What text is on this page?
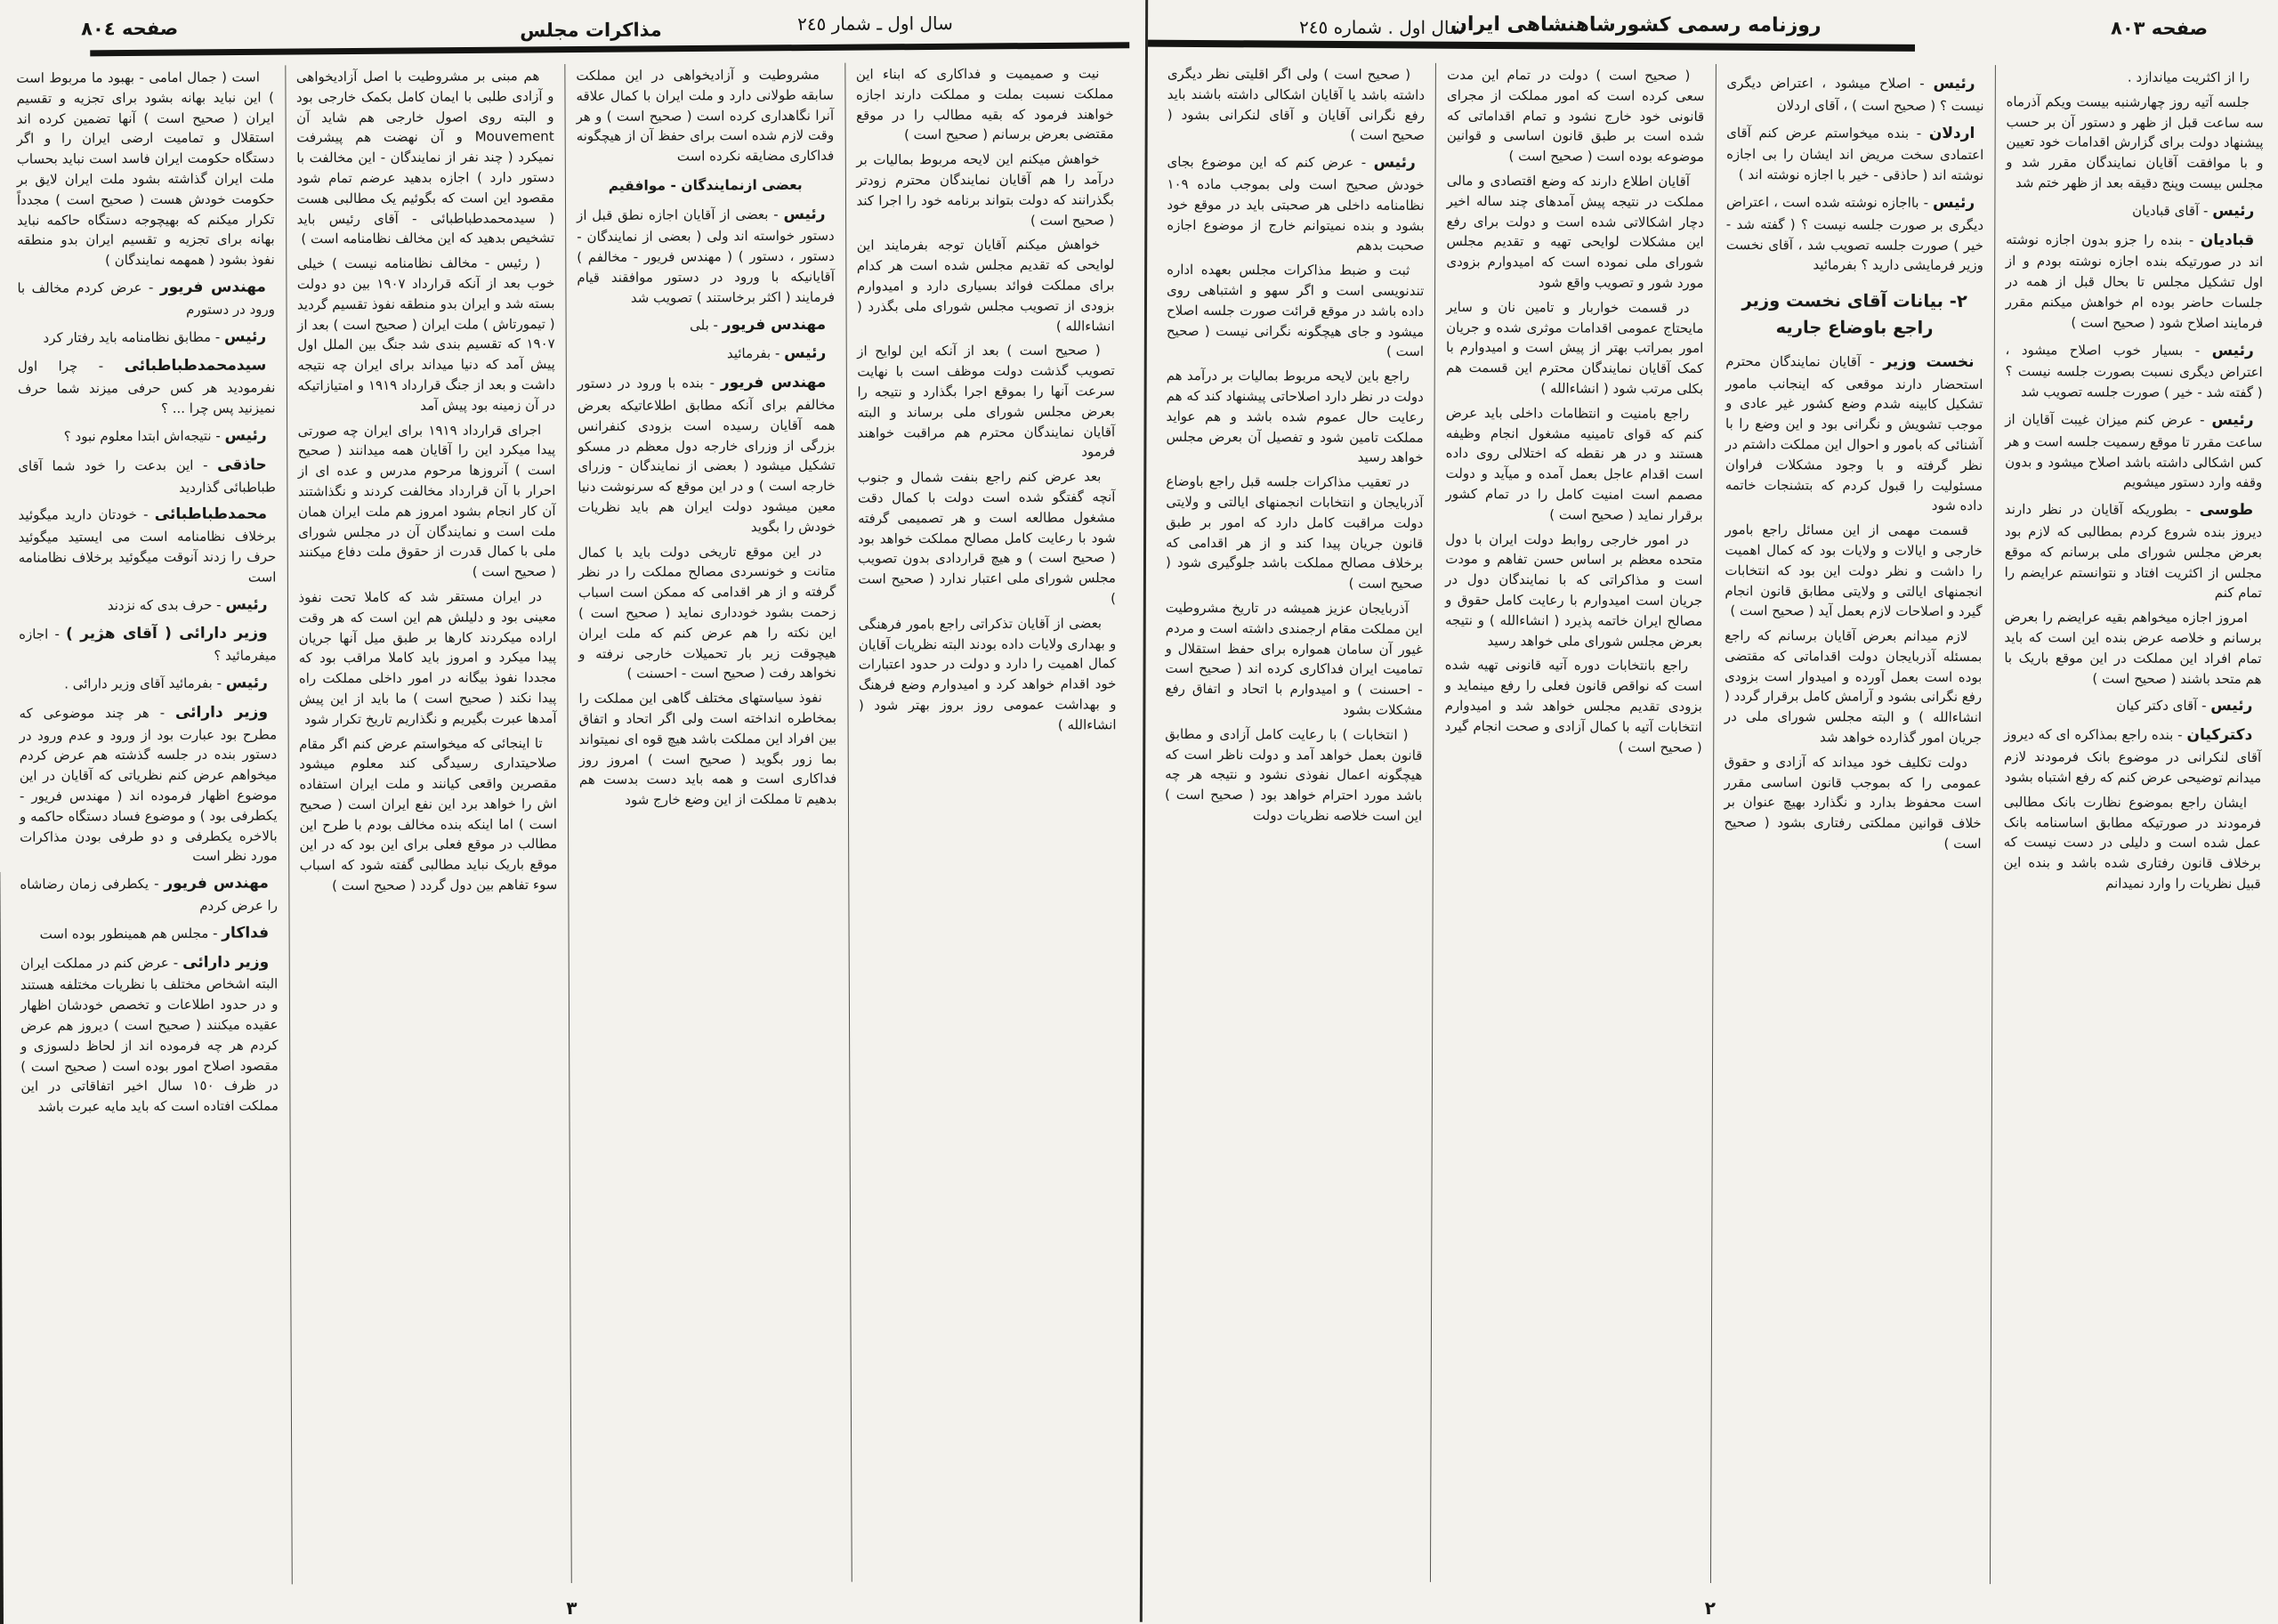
صفحه ٨٠٤	مذاکرات مجلس	سال اول ـ شمار ٢٤٥

است ( جمال امامی - بهبود ما مربوط است ) این نباید بهانه بشود برای تجزیه و تقسیم ایران ( صحیح است ) آنها تضمین کرده اند استقلال و تمامیت ارضی ایران را و اگر دستگاه حکومت ایران فاسد است نباید بحساب ملت ایران گذاشته بشود ملت ایران لایق بر حکومت خودش هست ( صحیح است ) مجدداً تکرار میکنم که بهیچوجه دستگاه حاکمه نباید بهانه برای تجزیه و تقسیم ایران بدو منطقه نفوذ بشود ( همهمه نمایندگان )

مهندس فریور - عرض کردم مخالف با ورود در دستورم

رئیس - مطابق نظامنامه باید رفتار کرد

سیدمحمدطباطبائی - چرا اول نفرمودید هر کس حرفی میزند شما حرف نمیزنید پس چرا ... ؟

رئیس - نتیجه‌اش ابتدا معلوم نبود ؟

حاذقی - این بدعت را خود شما آقای طباطبائی گذاردید

محمدطباطبائی - خودتان دارید میگوئید برخلاف نظامنامه است می ایستید میگوئید حرف را زدند آنوقت میگوئید برخلاف نظامنامه است

رئیس - حرف بدی که نزدند

وزیر دارائی ( آقای هژیر ) - اجازه میفرمائید ؟

رئیس - بفرمائید آقای وزیر دارائی .

وزیر دارائی - هر چند موضوعی که مطرح بود عبارت بود از ورود و عدم ورود در دستور بنده در جلسه گذشته هم عرض کردم میخواهم عرض کنم نظریاتی که آقایان در این موضوع اظهار فرموده اند ( مهندس فریور - یکطرفی بود ) و موضوع فساد دستگاه حاکمه و بالاخره یکطرفی و دو طرفی بودن مذاکرات مورد نظر است

مهندس فریور - یکطرفی زمان رضاشاه را عرض کردم

فداکار - مجلس هم همینطور بوده است

وزیر دارائی - عرض کنم در مملکت ایران البته اشخاص مختلف با نظریات مختلفه هستند و در حدود اطلاعات و تخصص خودشان اظهار عقیده میکنند ( صحیح است ) دیروز هم عرض کردم هر چه فرموده اند از لحاظ دلسوزی و مقصود اصلاح امور بوده است ( صحیح است ) در ظرف ١٥٠ سال اخیر اتفاقاتی در این مملکت افتاده است که باید مایه عبرت باشد

هم مبنی بر مشروطیت با اصل آزادیخواهی و آزادی طلبی با ایمان کامل بکمک خارجی بود و البته روی اصول خارجی هم شاید آن Mouvement و آن نهضت هم پیشرفت نمیکرد ( چند نفر از نمایندگان - این مخالفت با دستور دارد ) اجازه بدهید عرضم تمام شود مقصود این است که بگوئیم یک مطالبی هست ( سیدمحمدطباطبائی - آقای رئیس باید تشخیص بدهید که این مخالف نظامنامه است )

( رئیس - مخالف نظامنامه نیست ) خیلی خوب بعد از آنکه قرارداد ١٩٠٧ بین دو دولت بسته شد و ایران بدو منطقه نفوذ تقسیم گردید ( تیمورتاش ) ملت ایران ( صحیح است ) بعد از ١٩٠٧ که تقسیم بندی شد جنگ بین الملل اول پیش آمد که دنیا میداند برای ایران چه نتیجه داشت و بعد از جنگ قرارداد ١٩١٩ و امتیازاتیکه در آن زمینه بود پیش آمد

اجرای قرارداد ١٩١٩ برای ایران چه صورتی پیدا میکرد این را آقایان همه میدانند ( صحیح است ) آنروزها مرحوم مدرس و عده ای از احرار با آن قرارداد مخالفت کردند و نگذاشتند آن کار انجام بشود امروز هم ملت ایران همان ملت است و نمایندگان آن در مجلس شورای ملی با کمال قدرت از حقوق ملت دفاع میکنند ( صحیح است )

در ایران مستقر شد که کاملا تحت نفوذ معینی بود و دلیلش هم این است که هر وقت اراده میکردند کارها بر طبق میل آنها جریان پیدا میکرد و امروز باید کاملا مراقب بود که مجددا نفوذ بیگانه در امور داخلی مملکت راه پیدا نکند ( صحیح است ) ما باید از این پیش آمدها عبرت بگیریم و نگذاریم تاریخ تکرار شود

تا اینجائی که میخواستم عرض کنم اگر مقام صلاحیتداری رسیدگی کند معلوم میشود مقصرین واقعی کیانند و ملت ایران استفاده اش را خواهد برد این نفع ایران است ( صحیح است ) اما اینکه بنده مخالف بودم با طرح این مطالب در موقع فعلی برای این بود که در این موقع باریک نباید مطالبی گفته شود که اسباب سوء تفاهم بین دول گردد ( صحیح است )

مشروطیت و آزادیخواهی در این مملکت سابقه طولانی دارد و ملت ایران با کمال علاقه آنرا نگاهداری کرده است ( صحیح است ) و هر وقت لازم شده است برای حفظ آن از هیچگونه فداکاری مضایقه نکرده است

بعضی ازنمایندگان - موافقیم

رئیس - بعضی از آقایان اجازه نطق قبل از دستور خواسته اند ولی ( بعضی از نمایندگان - دستور ، دستور ) ( مهندس فریور - مخالفم ) آقایانیکه با ورود در دستور موافقند قیام فرمایند ( اکثر برخاستند ) تصویب شد

مهندس فریور - بلی

رئیس - بفرمائید

مهندس فریور - بنده با ورود در دستور مخالفم برای آنکه مطابق اطلاعاتیکه بعرض همه آقایان رسیده است بزودی کنفرانس بزرگی از وزرای خارجه دول معظم در مسکو تشکیل میشود ( بعضی از نمایندگان - وزرای خارجه است ) و در این موقع که سرنوشت دنیا معین میشود دولت ایران هم باید نظریات خودش را بگوید

در این موقع تاریخی دولت باید با کمال متانت و خونسردی مصالح مملکت را در نظر گرفته و از هر اقدامی که ممکن است اسباب زحمت بشود خودداری نماید ( صحیح است ) این نکته را هم عرض کنم که ملت ایران هیچوقت زیر بار تحمیلات خارجی نرفته و نخواهد رفت ( صحیح است - احسنت )

نفوذ سیاستهای مختلف گاهی این مملکت را بمخاطره انداخته است ولی اگر اتحاد و اتفاق بین افراد این مملکت باشد هیچ قوه ای نمیتواند بما زور بگوید ( صحیح است ) امروز روز فداکاری است و همه باید دست بدست هم بدهیم تا مملکت از این وضع خارج شود

نیت و صمیمیت و فداکاری که ابناء این مملکت نسبت بملت و مملکت دارند اجازه خواهند فرمود که بقیه مطالب را در موقع مقتضی بعرض برسانم ( صحیح است )

خواهش میکنم این لایحه مربوط بمالیات بر درآمد را هم آقایان نمایندگان محترم زودتر بگذرانند که دولت بتواند برنامه خود را اجرا کند ( صحیح است )

خواهش میکنم آقایان توجه بفرمایند این لوایحی که تقدیم مجلس شده است هر کدام برای مملکت فوائد بسیاری دارد و امیدوارم بزودی از تصویب مجلس شورای ملی بگذرد ( انشاءالله )

( صحیح است ) بعد از آنکه این لوایح از تصویب گذشت دولت موظف است با نهایت سرعت آنها را بموقع اجرا بگذارد و نتیجه را بعرض مجلس شورای ملی برساند و البته آقایان نمایندگان محترم هم مراقبت خواهند فرمود

بعد عرض کنم راجع بنفت شمال و جنوب آنچه گفتگو شده است دولت با کمال دقت مشغول مطالعه است و هر تصمیمی گرفته شود با رعایت کامل مصالح مملکت خواهد بود ( صحیح است ) و هیچ قراردادی بدون تصویب مجلس شورای ملی اعتبار ندارد ( صحیح است )

بعضی از آقایان تذکراتی راجع بامور فرهنگی و بهداری ولایات داده بودند البته نظریات آقایان کمال اهمیت را دارد و دولت در حدود اعتبارات خود اقدام خواهد کرد و امیدوارم وضع فرهنگ و بهداشت عمومی روز بروز بهتر شود ( انشاءالله )

٣
سال اول . شماره ٢٤٥
روزنامه رسمی کشورشاهنشاهی ایران	صفحه ٨٠٣

( صحیح است ) ولی اگر اقلیتی نظر دیگری داشته باشد یا آقایان اشکالی داشته باشند باید رفع نگرانی آقایان و آقای لنکرانی بشود ( صحیح است )

رئیس - عرض کنم که این موضوع بجای خودش صحیح است ولی بموجب ماده ١٠٩ نظامنامه داخلی هر صحبتی باید در موقع خود بشود و بنده نمیتوانم خارج از موضوع اجازه صحبت بدهم

ثبت و ضبط مذاکرات مجلس بعهده اداره تندنویسی است و اگر سهو و اشتباهی روی داده باشد در موقع قرائت صورت جلسه اصلاح میشود و جای هیچگونه نگرانی نیست ( صحیح است )

راجع باین لایحه مربوط بمالیات بر درآمد هم دولت در نظر دارد اصلاحاتی پیشنهاد کند که هم رعایت حال عموم شده باشد و هم عواید مملکت تامین شود و تفصیل آن بعرض مجلس خواهد رسید

در تعقیب مذاکرات جلسه قبل راجع باوضاع آذربایجان و انتخابات انجمنهای ایالتی و ولایتی دولت مراقبت کامل دارد که امور بر طبق قانون جریان پیدا کند و از هر اقدامی که برخلاف مصالح مملکت باشد جلوگیری شود ( صحیح است )

آذربایجان عزیز همیشه در تاریخ مشروطیت این مملکت مقام ارجمندی داشته است و مردم غیور آن سامان همواره برای حفظ استقلال و تمامیت ایران فداکاری کرده اند ( صحیح است - احسنت ) و امیدوارم با اتحاد و اتفاق رفع مشکلات بشود

( انتخابات ) با رعایت کامل آزادی و مطابق قانون بعمل خواهد آمد و دولت ناظر است که هیچگونه اعمال نفوذی نشود و نتیجه هر چه باشد مورد احترام خواهد بود ( صحیح است ) این است خلاصه نظریات دولت

( صحیح است ) دولت در تمام این مدت سعی کرده است که امور مملکت از مجرای قانونی خود خارج نشود و تمام اقداماتی که شده است بر طبق قانون اساسی و قوانین موضوعه بوده است ( صحیح است )

آقایان اطلاع دارند که وضع اقتصادی و مالی مملکت در نتیجه پیش آمدهای چند ساله اخیر دچار اشکالاتی شده است و دولت برای رفع این مشکلات لوایحی تهیه و تقدیم مجلس شورای ملی نموده است که امیدوارم بزودی مورد شور و تصویب واقع شود

در قسمت خواربار و تامین نان و سایر مایحتاج عمومی اقدامات موثری شده و جریان امور بمراتب بهتر از پیش است و امیدوارم با کمک آقایان نمایندگان محترم این قسمت هم بکلی مرتب شود ( انشاءالله )

راجع بامنیت و انتظامات داخلی باید عرض کنم که قوای تامینیه مشغول انجام وظیفه هستند و در هر نقطه که اختلالی روی داده است اقدام عاجل بعمل آمده و میآید و دولت مصمم است امنیت کامل را در تمام کشور برقرار نماید ( صحیح است )

در امور خارجی روابط دولت ایران با دول متحده معظم بر اساس حسن تفاهم و مودت است و مذاکراتی که با نمایندگان دول در جریان است امیدوارم با رعایت کامل حقوق و مصالح ایران خاتمه پذیرد ( انشاءالله ) و نتیجه بعرض مجلس شورای ملی خواهد رسید

راجع بانتخابات دوره آتیه قانونی تهیه شده است که نواقص قانون فعلی را رفع مینماید و بزودی تقدیم مجلس خواهد شد و امیدوارم انتخابات آتیه با کمال آزادی و صحت انجام گیرد ( صحیح است )

رئیس - اصلاح میشود ، اعتراض دیگری نیست ؟ ( صحیح است ) ، آقای اردلان

اردلان - بنده میخواستم عرض کنم آقای اعتمادی سخت مریض اند ایشان را بی اجازه نوشته اند ( حاذقی - خیر با اجازه نوشته اند )

رئیس - بااجازه نوشته شده است ، اعتراض دیگری بر صورت جلسه نیست ؟ ( گفته شد - خیر ) صورت جلسه تصویب شد ، آقای نخست وزیر فرمایشی دارید ؟ بفرمائید

٢- بیانات آقای نخست وزیر راجع باوضاع جاریه

نخست وزیر - آقایان نمایندگان محترم استحضار دارند موقعی که اینجانب مامور تشکیل کابینه شدم وضع کشور غیر عادی و موجب تشویش و نگرانی بود و این وضع را با آشنائی که بامور و احوال این مملکت داشتم در نظر گرفته و با وجود مشکلات فراوان مسئولیت را قبول کردم که بتشنجات خاتمه داده شود

قسمت مهمی از این مسائل راجع بامور خارجی و ایالات و ولایات بود که کمال اهمیت را داشت و نظر دولت این بود که انتخابات انجمنهای ایالتی و ولایتی مطابق قانون انجام گیرد و اصلاحات لازم بعمل آید ( صحیح است )

لازم میدانم بعرض آقایان برسانم که راجع بمسئله آذربایجان دولت اقداماتی که مقتضی بوده است بعمل آورده و امیدوار است بزودی رفع نگرانی بشود و آرامش کامل برقرار گردد ( انشاءالله ) و البته مجلس شورای ملی در جریان امور گذارده خواهد شد

دولت تکلیف خود میداند که آزادی و حقوق عمومی را که بموجب قانون اساسی مقرر است محفوظ بدارد و نگذارد بهیچ عنوان بر خلاف قوانین مملکتی رفتاری بشود ( صحیح است )

را از اکثریت میاندازد .

جلسه آتیه روز چهارشنبه بیست ویکم آذرماه سه ساعت قبل از ظهر و دستور آن بر حسب پیشنهاد دولت برای گزارش اقدامات خود تعیین و با موافقت آقایان نمایندگان مقرر شد و مجلس بیست وپنج دقیقه بعد از ظهر ختم شد

رئیس - آقای قبادیان

قبادیان - بنده را جزو بدون اجازه نوشته اند در صورتیکه بنده اجازه نوشته بودم و از اول تشکیل مجلس تا بحال قبل از همه در جلسات حاضر بوده ام خواهش میکنم مقرر فرمایند اصلاح شود ( صحیح است )

رئیس - بسیار خوب اصلاح میشود ، اعتراض دیگری نسبت بصورت جلسه نیست ؟ ( گفته شد - خیر ) صورت جلسه تصویب شد

رئیس - عرض کنم میزان غیبت آقایان از ساعت مقرر تا موقع رسمیت جلسه است و هر کس اشکالی داشته باشد اصلاح میشود و بدون وقفه وارد دستور میشویم

طوسی - بطوریکه آقایان در نظر دارند دیروز بنده شروع کردم بمطالبی که لازم بود بعرض مجلس شورای ملی برسانم که موقع مجلس از اکثریت افتاد و نتوانستم عرایضم را تمام کنم

امروز اجازه میخواهم بقیه عرایضم را بعرض برسانم و خلاصه عرض بنده این است که باید تمام افراد این مملکت در این موقع باریک با هم متحد باشند ( صحیح است )

رئیس - آقای دکتر کیان

دکترکیان - بنده راجع بمذاکره ای که دیروز آقای لنکرانی در موضوع بانک فرمودند لازم میدانم توضیحی عرض کنم که رفع اشتباه بشود

ایشان راجع بموضوع نظارت بانک مطالبی فرمودند در صورتیکه مطابق اساسنامه بانک عمل شده است و دلیلی در دست نیست که برخلاف قانون رفتاری شده باشد و بنده این قبیل نظریات را وارد نمیدانم

٢
